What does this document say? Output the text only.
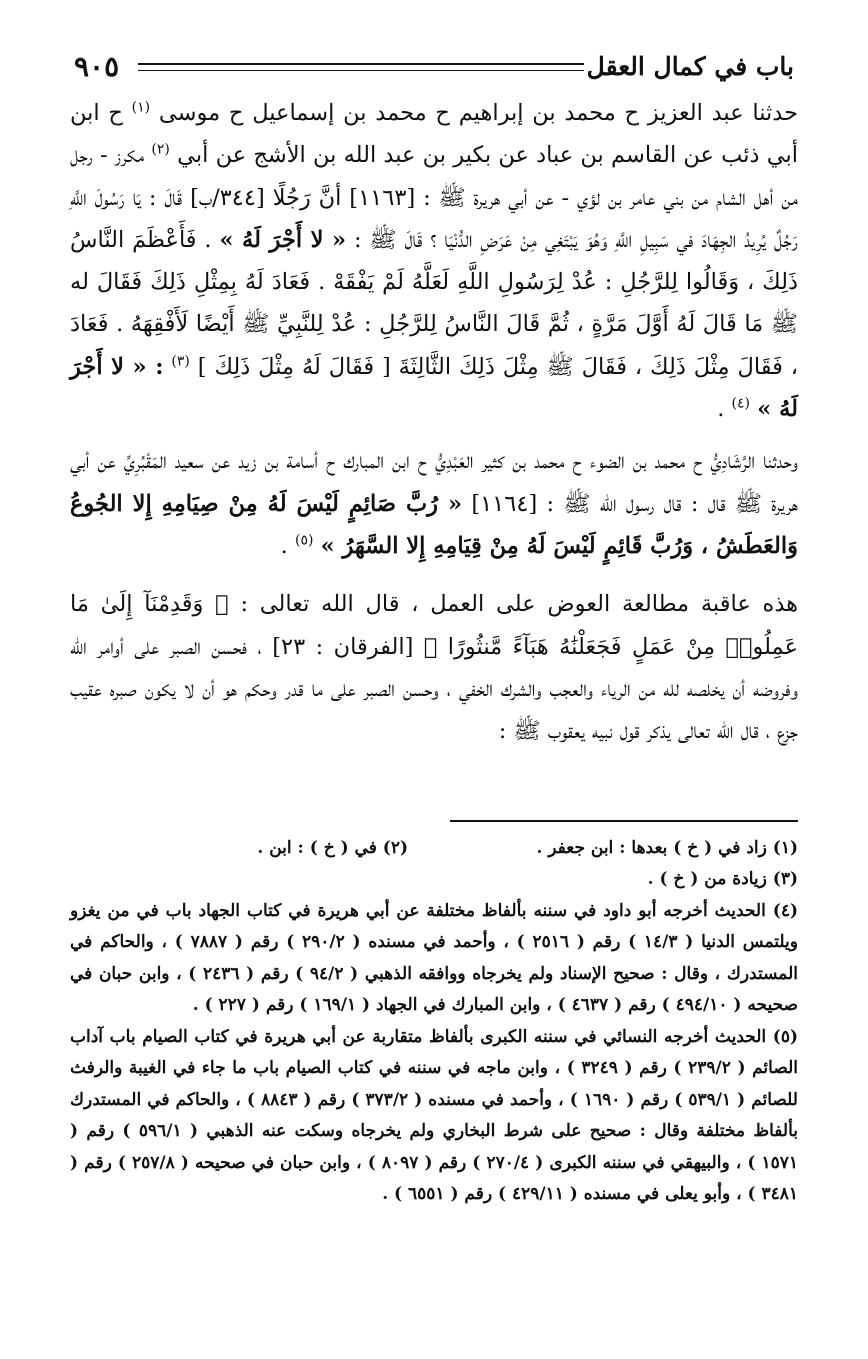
باب في كمال العقل
٩٠٥

حدثنا عبد العزيز ح محمد بن إبراهيم ح محمد بن إسماعيل ح موسى $^{(١)}$ ح ابن أبي ذئب عن القاسم بن عباد عن بكير بن عبد الله بن الأشج عن أبي $^{(٢)}$ مكرز - رجل من أهل الشام من بني عامر بن لؤي - عن أبي هريرة ﷺ : [١١٦٣] أنَّ رَجُلًا [٣٤٤/ب] قَالَ : يَا رَسُولَ اللَّهِ رَجُلٌ يُرِيدُ الجِهَادَ في سَبِيلِ اللَّهِ وَهُوَ يَبْتَغِي مِنْ عَرَضِ الدُّنْيَا ؟ قَالَ ﷺ : « لا أَجْرَ لَهُ » . فَأَعْظَمَ النَّاسُ ذَلِكَ ، وَقَالُوا لِلرَّجُلِ : عُدْ لِرَسُولِ اللَّهِ لَعَلَّهُ لَمْ يَفْقَهْ . فَعَادَ لَهُ بِمِثْلِ ذَلِكَ فَقَالَ له ﷺ مَا قَالَ لَهُ أَوَّلَ مَرَّةٍ ، ثُمَّ قَالَ النَّاسُ لِلرَّجُلِ : عُدْ لِلنَّبِيِّ ﷺ أَيْضًا لَأَفْقِهَهُ . فَعَادَ ، فَقَالَ مِثْلَ ذَلِكَ ، فَقَالَ ﷺ مِثْلَ ذَلِكَ الثَّالِثَةَ [ فَقَالَ لَهُ مِثْلَ ذَلِكَ ] $^{(٣)}$ : « لا أَجْرَ لَهُ » $^{(٤)}$ .

وحدثنا الرَّشَادِيُّ ح محمد بن الضوء ح محمد بن كثير العَبْدِيُّ ح ابن المبارك ح أسامة بن زيد عن سعيد المَقْبُرِيِّ عن أبي هريرة ﷺ قال : قال رسول الله ﷺ : [١١٦٤] « رُبَّ صَائِمٍ لَيْسَ لَهُ مِنْ صِيَامِهِ إِلا الجُوعُ وَالعَطَشُ ، وَرُبَّ قَائِمٍ لَيْسَ لَهُ مِنْ قِيَامِهِ إِلا السَّهَرُ » $^{(٥)}$ .

هذه عاقبة مطالعة العوض على العمل ، قال الله تعالى : ﴿ وَقَدِمْنَآ إِلَىٰ مَا عَمِلُوا۟ مِنْ عَمَلٍ فَجَعَلْنَٰهُ هَبَآءً مَّنثُورًا ﴾ [الفرقان : ٢٣] ، فحسن الصبر على أوامر الله وفروضه أن يخلصه لله من الرياء والعجب والشرك الخفي ، وحسن الصبر على ما قدر وحكم هو أن لا يكون صبره عقيب جزع ، قال الله تعالى يذكر قول نبيه يعقوب ﷺ :

(١) زاد في ( خ ) بعدها : ابن جعفر .
(٢) في ( خ ) : ابن .

(٣) زيادة من ( خ ) .

(٤) الحديث أخرجه أبو داود في سننه بألفاظ مختلفة عن أبي هريرة في كتاب الجهاد باب في من يغزو ويلتمس الدنيا ( ١٤/٣ ) رقم ( ٢٥١٦ ) ، وأحمد في مسنده ( ٢٩٠/٢ ) رقم ( ٧٨٨٧ ) ، والحاكم في المستدرك ، وقال : صحيح الإسناد ولم يخرجاه ووافقه الذهبي ( ٩٤/٢ ) رقم ( ٢٤٣٦ ) ، وابن حبان في صحيحه ( ٤٩٤/١٠ ) رقم ( ٤٦٣٧ ) ، وابن المبارك في الجهاد ( ١٦٩/١ ) رقم ( ٢٢٧ ) .

(٥) الحديث أخرجه النسائي في سننه الكبرى بألفاظ متقاربة عن أبي هريرة في كتاب الصيام باب آداب الصائم ( ٢٣٩/٢ ) رقم ( ٣٢٤٩ ) ، وابن ماجه في سننه في كتاب الصيام باب ما جاء في الغيبة والرفث للصائم ( ٥٣٩/١ ) رقم ( ١٦٩٠ ) ، وأحمد في مسنده ( ٣٧٣/٢ ) رقم ( ٨٨٤٣ ) ، والحاكم في المستدرك بألفاظ مختلفة وقال : صحيح على شرط البخاري ولم يخرجاه وسكت عنه الذهبي ( ٥٩٦/١ ) رقم ( ١٥٧١ ) ، والبيهقي في سننه الكبرى ( ٢٧٠/٤ ) رقم ( ٨٠٩٧ ) ، وابن حبان في صحيحه ( ٢٥٧/٨ ) رقم ( ٣٤٨١ ) ، وأبو يعلى في مسنده ( ٤٢٩/١١ ) رقم ( ٦٥٥١ ) .
